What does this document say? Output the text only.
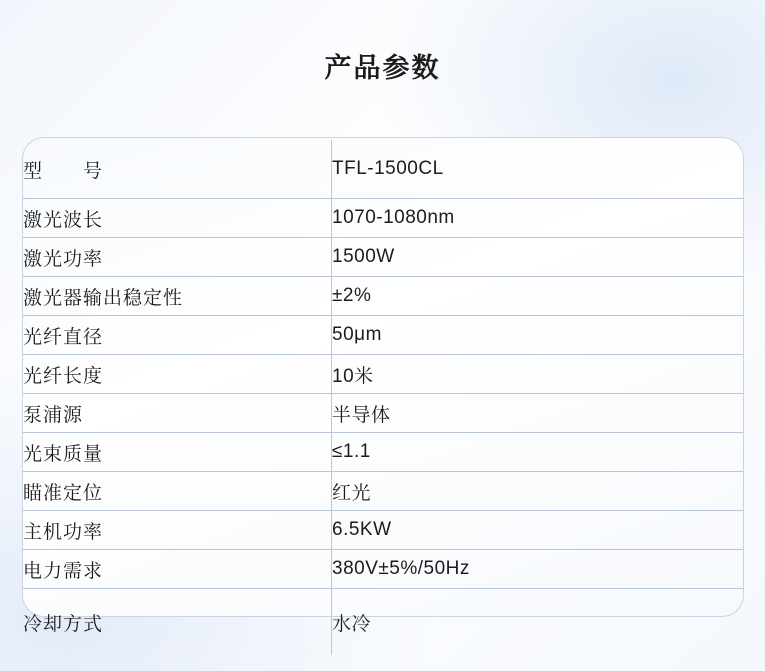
产品参数
型　　号	TFL-1500CL
激光波长	1070-1080nm
激光功率	1500W
激光器输出稳定性	±2%
光纤直径	50μm
光纤长度	10米
泵浦源	半导体
光束质量	≤1.1
瞄准定位	红光
主机功率	6.5KW
电力需求	380V±5%/50Hz
冷却方式	水冷
